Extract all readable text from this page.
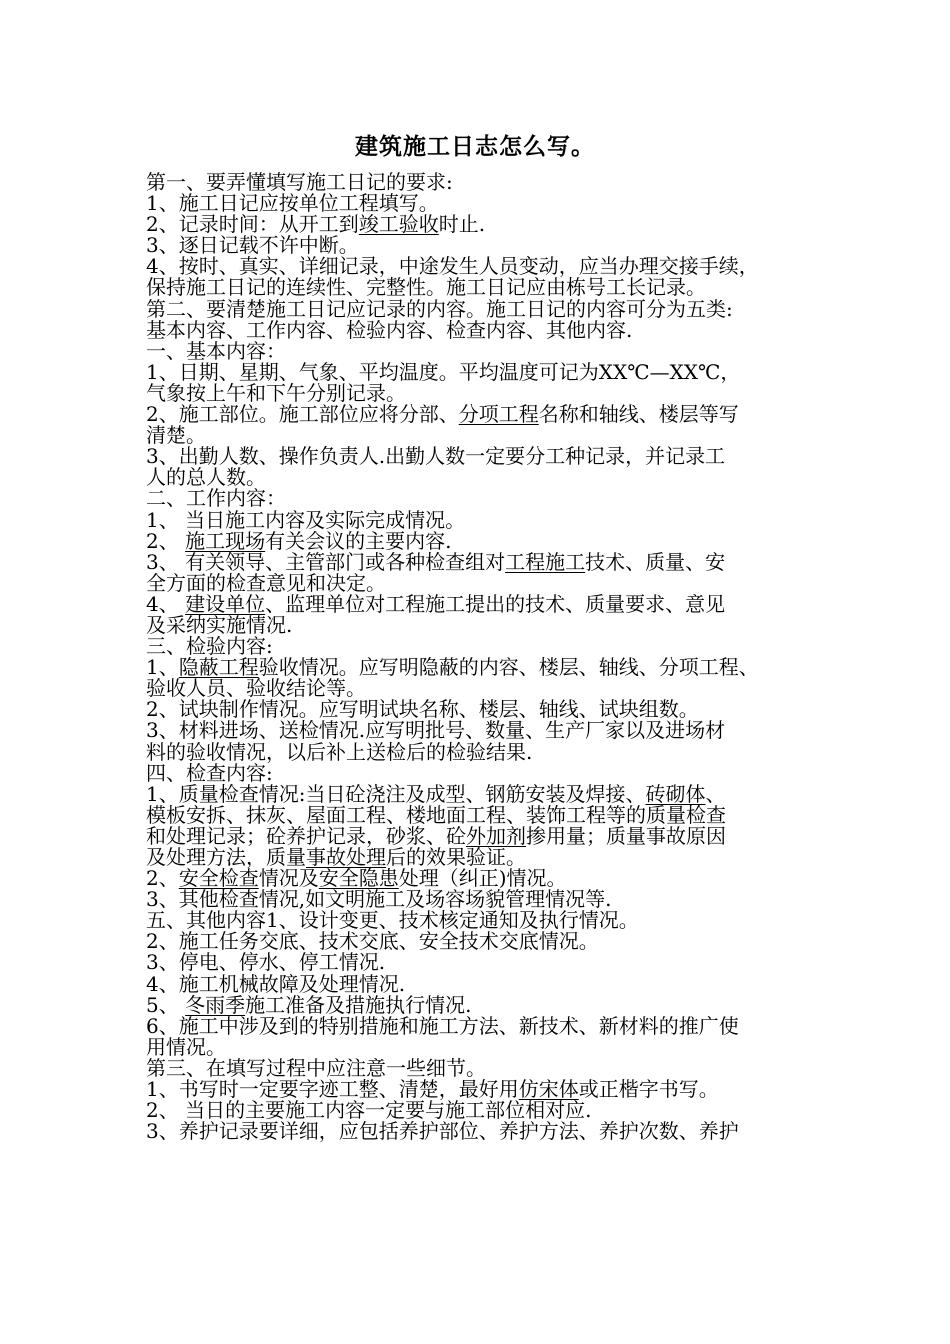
建筑施工日志怎么写。
第一、要弄懂填写施工日记的要求:
1、施工日记应按单位工程填写。
2、记录时间：从开工到竣工验收时止.
3、逐日记载不许中断。
4、按时、真实、详细记录，中途发生人员变动，应当办理交接手续，
保持施工日记的连续性、完整性。施工日记应由栋号工长记录。
第二、要清楚施工日记应记录的内容。施工日记的内容可分为五类:
基本内容、工作内容、检验内容、检查内容、其他内容.
一、基本内容：
1、日期、星期、气象、平均温度。平均温度可记为XX℃—XX℃，
气象按上午和下午分别记录。
2、施工部位。施工部位应将分部、分项工程名称和轴线、楼层等写
清楚。
3、出勤人数、操作负责人.出勤人数一定要分工种记录，并记录工
人的总人数。
二、工作内容：
1、 当日施工内容及实际完成情况。
2、 施工现场有关会议的主要内容.
3、 有关领导、主管部门或各种检查组对工程施工技术、质量、安
全方面的检查意见和决定。
4、 建设单位、监理单位对工程施工提出的技术、质量要求、意见
及采纳实施情况.
三、检验内容:
1、隐蔽工程验收情况。应写明隐蔽的内容、楼层、轴线、分项工程、
验收人员、验收结论等。
2、试块制作情况。应写明试块名称、楼层、轴线、试块组数。
3、材料进场、送检情况.应写明批号、数量、生产厂家以及进场材
料的验收情况，以后补上送检后的检验结果.
四、检查内容:
1、质量检查情况:当日砼浇注及成型、钢筋安装及焊接、砖砌体、
模板安拆、抹灰、屋面工程、楼地面工程、装饰工程等的质量检查
和处理记录；砼养护记录，砂浆、砼外加剂掺用量；质量事故原因
及处理方法，质量事故处理后的效果验证。
2、安全检查情况及安全隐患处理（纠正)情况。
3、其他检查情况,如文明施工及场容场貌管理情况等.
五、其他内容1、设计变更、技术核定通知及执行情况。
2、施工任务交底、技术交底、安全技术交底情况。
3、停电、停水、停工情况.
4、施工机械故障及处理情况.
5、 冬雨季施工准备及措施执行情况.
6、施工中涉及到的特别措施和施工方法、新技术、新材料的推广使
用情况。
第三、在填写过程中应注意一些细节。
1、书写时一定要字迹工整、清楚，最好用仿宋体或正楷字书写。
2、 当日的主要施工内容一定要与施工部位相对应.
3、养护记录要详细，应包括养护部位、养护方法、养护次数、养护
